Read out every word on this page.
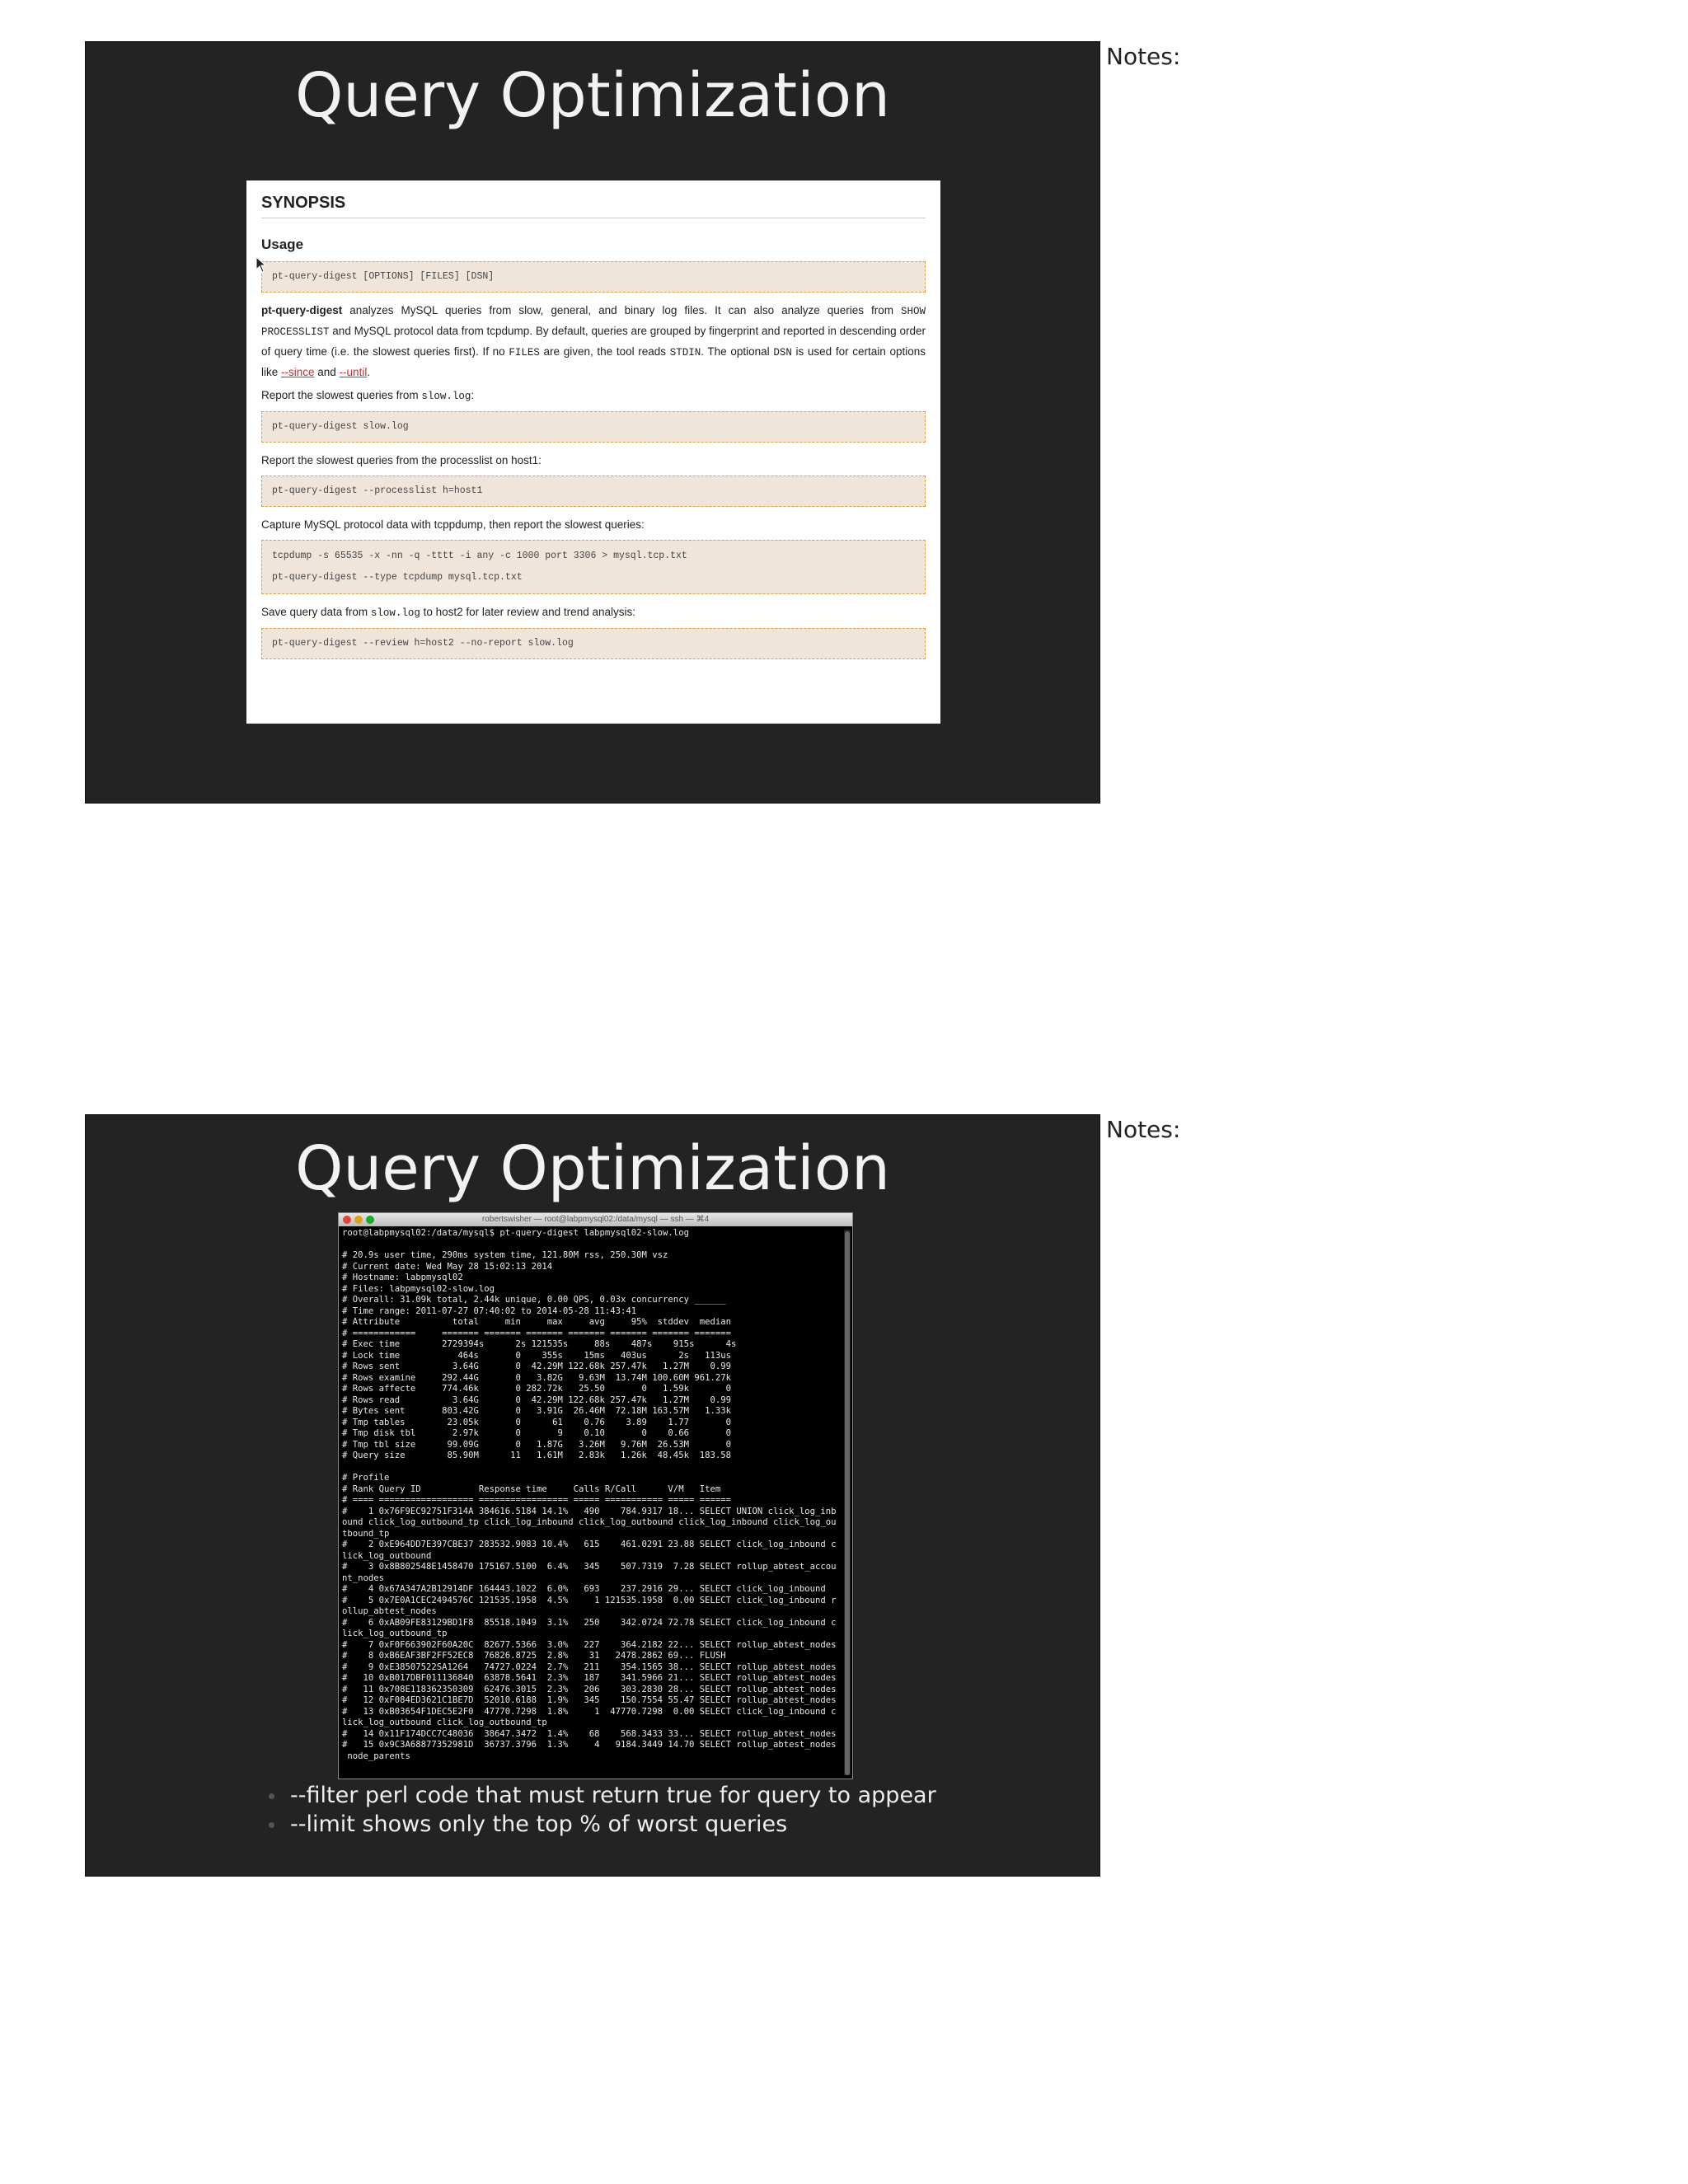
Query Optimization
SYNOPSIS
Usage
pt-query-digest [OPTIONS] [FILES] [DSN]
pt-query-digest analyzes MySQL queries from slow, general, and binary log files. It can also analyze queries from SHOW PROCESSLIST and MySQL protocol data from tcpdump. By default, queries are grouped by fingerprint and reported in descending order of query time (i.e. the slowest queries first). If no FILES are given, the tool reads STDIN. The optional DSN is used for certain options like --since and --until.
Report the slowest queries from slow.log:
pt-query-digest slow.log
Report the slowest queries from the processlist on host1:
pt-query-digest --processlist h=host1
Capture MySQL protocol data with tcppdump, then report the slowest queries:
tcpdump -s 65535 -x -nn -q -tttt -i any -c 1000 port 3306 > mysql.tcp.txt
pt-query-digest --type tcpdump mysql.tcp.txt
Save query data from slow.log to host2 for later review and trend analysis:
pt-query-digest --review h=host2 --no-report slow.log
Notes:
Query Optimization
robertswisher — root@labpmysql02:/data/mysql — ssh — ⌘4
root@labpmysql02:/data/mysql$ pt-query-digest labpmysql02-slow.log

# 20.9s user time, 290ms system time, 121.80M rss, 250.30M vsz
# Current date: Wed May 28 15:02:13 2014
# Hostname: labpmysql02
# Files: labpmysql02-slow.log
# Overall: 31.09k total, 2.44k unique, 0.00 QPS, 0.03x concurrency ______
# Time range: 2011-07-27 07:40:02 to 2014-05-28 11:43:41
# Attribute          total     min     max     avg     95%  stddev  median
# ============     ======= ======= ======= ======= ======= ======= =======
# Exec time        2729394s      2s 121535s     88s    487s    915s      4s
# Lock time           464s       0    355s    15ms   403us      2s   113us
# Rows sent          3.64G       0  42.29M 122.68k 257.47k   1.27M    0.99
# Rows examine     292.44G       0   3.82G   9.63M  13.74M 100.60M 961.27k
# Rows affecte     774.46k       0 282.72k   25.50       0   1.59k       0
# Rows read          3.64G       0  42.29M 122.68k 257.47k   1.27M    0.99
# Bytes sent       803.42G       0   3.91G  26.46M  72.18M 163.57M   1.33k
# Tmp tables        23.05k       0      61    0.76    3.89    1.77       0
# Tmp disk tbl       2.97k       0       9    0.10       0    0.66       0
# Tmp tbl size      99.09G       0   1.87G   3.26M   9.76M  26.53M       0
# Query size        85.90M      11   1.61M   2.83k   1.26k  48.45k  183.58

# Profile
# Rank Query ID           Response time     Calls R/Call      V/M   Item
# ==== ================== ================= ===== =========== ===== ======
#    1 0x76F9EC92751F314A 384616.5184 14.1%   490    784.9317 18... SELECT UNION click_log_inb
ound click_log_outbound_tp click_log_inbound click_log_outbound click_log_inbound click_log_ou
tbound_tp
#    2 0xE964DD7E397CBE37 283532.9083 10.4%   615    461.0291 23.88 SELECT click_log_inbound c
lick_log_outbound
#    3 0x8B802548E1458470 175167.5100  6.4%   345    507.7319  7.28 SELECT rollup_abtest_accou
nt_nodes
#    4 0x67A347A2B12914DF 164443.1022  6.0%   693    237.2916 29... SELECT click_log_inbound
#    5 0x7E0A1CEC2494576C 121535.1958  4.5%     1 121535.1958  0.00 SELECT click_log_inbound r
ollup_abtest_nodes
#    6 0xAB09FE83129BD1F8  85518.1049  3.1%   250    342.0724 72.78 SELECT click_log_inbound c
lick_log_outbound_tp
#    7 0xF0F663902F60A20C  82677.5366  3.0%   227    364.2182 22... SELECT rollup_abtest_nodes
#    8 0xB6EAF3BF2FF52EC8  76826.8725  2.8%    31   2478.2862 69... FLUSH
#    9 0xE38507522SA1264   74727.0224  2.7%   211    354.1565 38... SELECT rollup_abtest_nodes
#   10 0xB017DBF011136840  63878.5641  2.3%   187    341.5966 21... SELECT rollup_abtest_nodes
#   11 0x708E118362350309  62476.3015  2.3%   206    303.2830 28... SELECT rollup_abtest_nodes
#   12 0xF084ED3621C1BE7D  52010.6188  1.9%   345    150.7554 55.47 SELECT rollup_abtest_nodes
#   13 0xB03654F1DEC5E2F0  47770.7298  1.8%     1  47770.7298  0.00 SELECT click_log_inbound c
lick_log_outbound click_log_outbound_tp
#   14 0x11F174DCC7C48036  38647.3472  1.4%    68    568.3433 33... SELECT rollup_abtest_nodes
#   15 0x9C3A68877352981D  36737.3796  1.3%     4   9184.3449 14.70 SELECT rollup_abtest_nodes
node_parents
--filter perl code that must return true for query to appear
--limit shows only the top % of worst queries
Notes:
